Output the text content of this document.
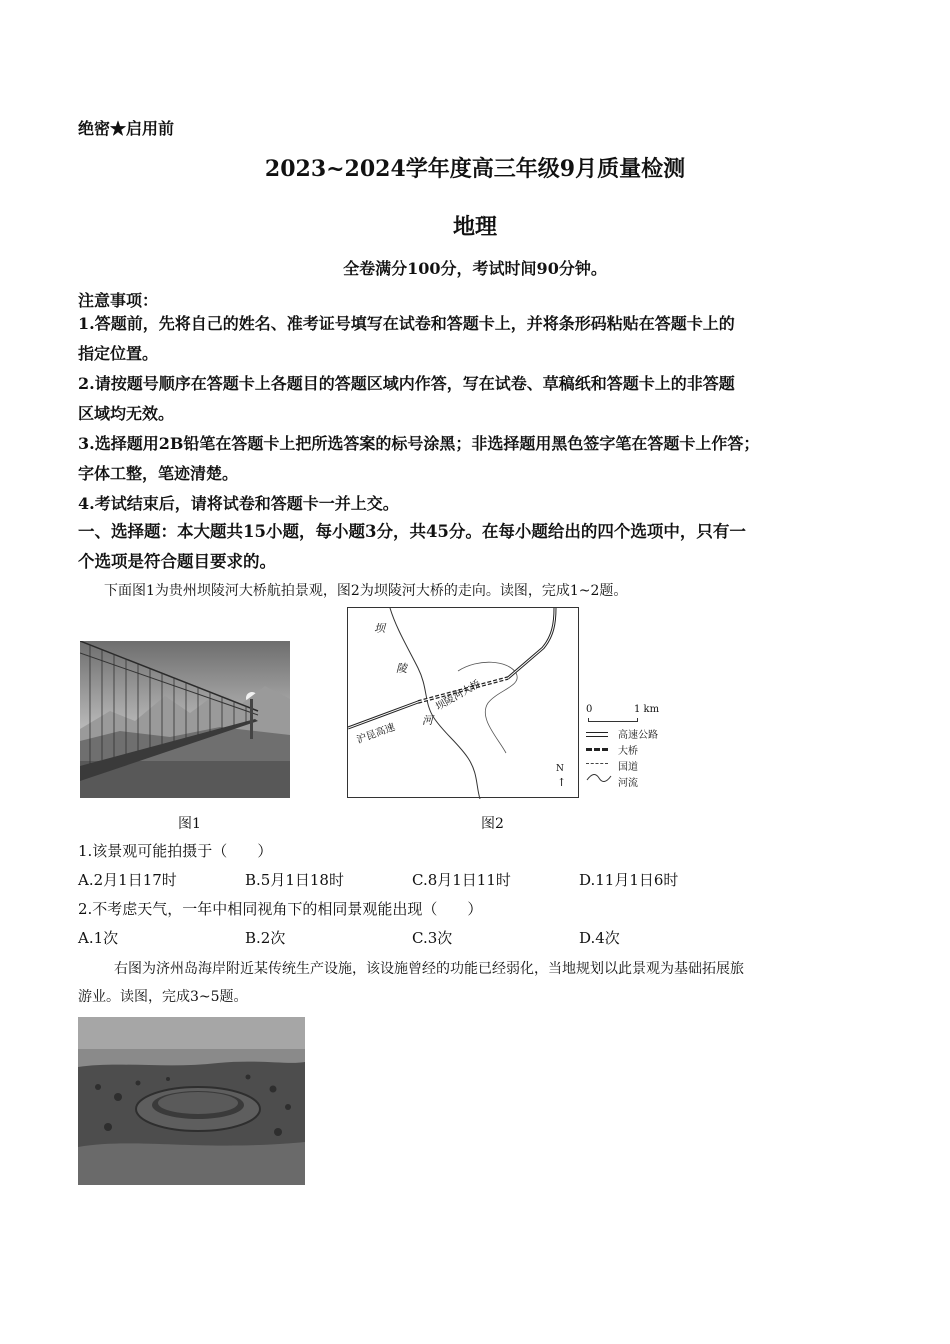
绝密★启用前
2023~2024学年度高三年级9月质量检测
地理
全卷满分100分，考试时间90分钟。
注意事项：
1.答题前，先将自己的姓名、准考证号填写在试卷和答题卡上，并将条形码粘贴在答题卡上的
指定位置。
2.请按题号顺序在答题卡上各题目的答题区域内作答，写在试卷、草稿纸和答题卡上的非答题
区域均无效。
3.选择题用2B铅笔在答题卡上把所选答案的标号涂黑；非选择题用黑色签字笔在答题卡上作答；
字体工整，笔迹清楚。
4.考试结束后，请将试卷和答题卡一并上交。
一、选择题：本大题共15小题，每小题3分，共45分。在每小题给出的四个选项中，只有一
个选项是符合题目要求的。
下面图1为贵州坝陵河大桥航拍景观，图2为坝陵河大桥的走向。读图，完成1~2题。
图1
坝
陵
河
坝陵河大桥
沪昆高速
N
↑
0	1 km
高速公路
大桥
国道
河流
图2
1.该景观可能拍摄于（　　）
A.2月1日17时	B.5月1日18时	C.8月1日11时	D.11月1日6时
2.不考虑天气，一年中相同视角下的相同景观能出现（　　）
A.1次	B.2次	C.3次	D.4次
右图为济州岛海岸附近某传统生产设施，该设施曾经的功能已经弱化，当地规划以此景观为基础拓展旅
游业。读图，完成3~5题。
